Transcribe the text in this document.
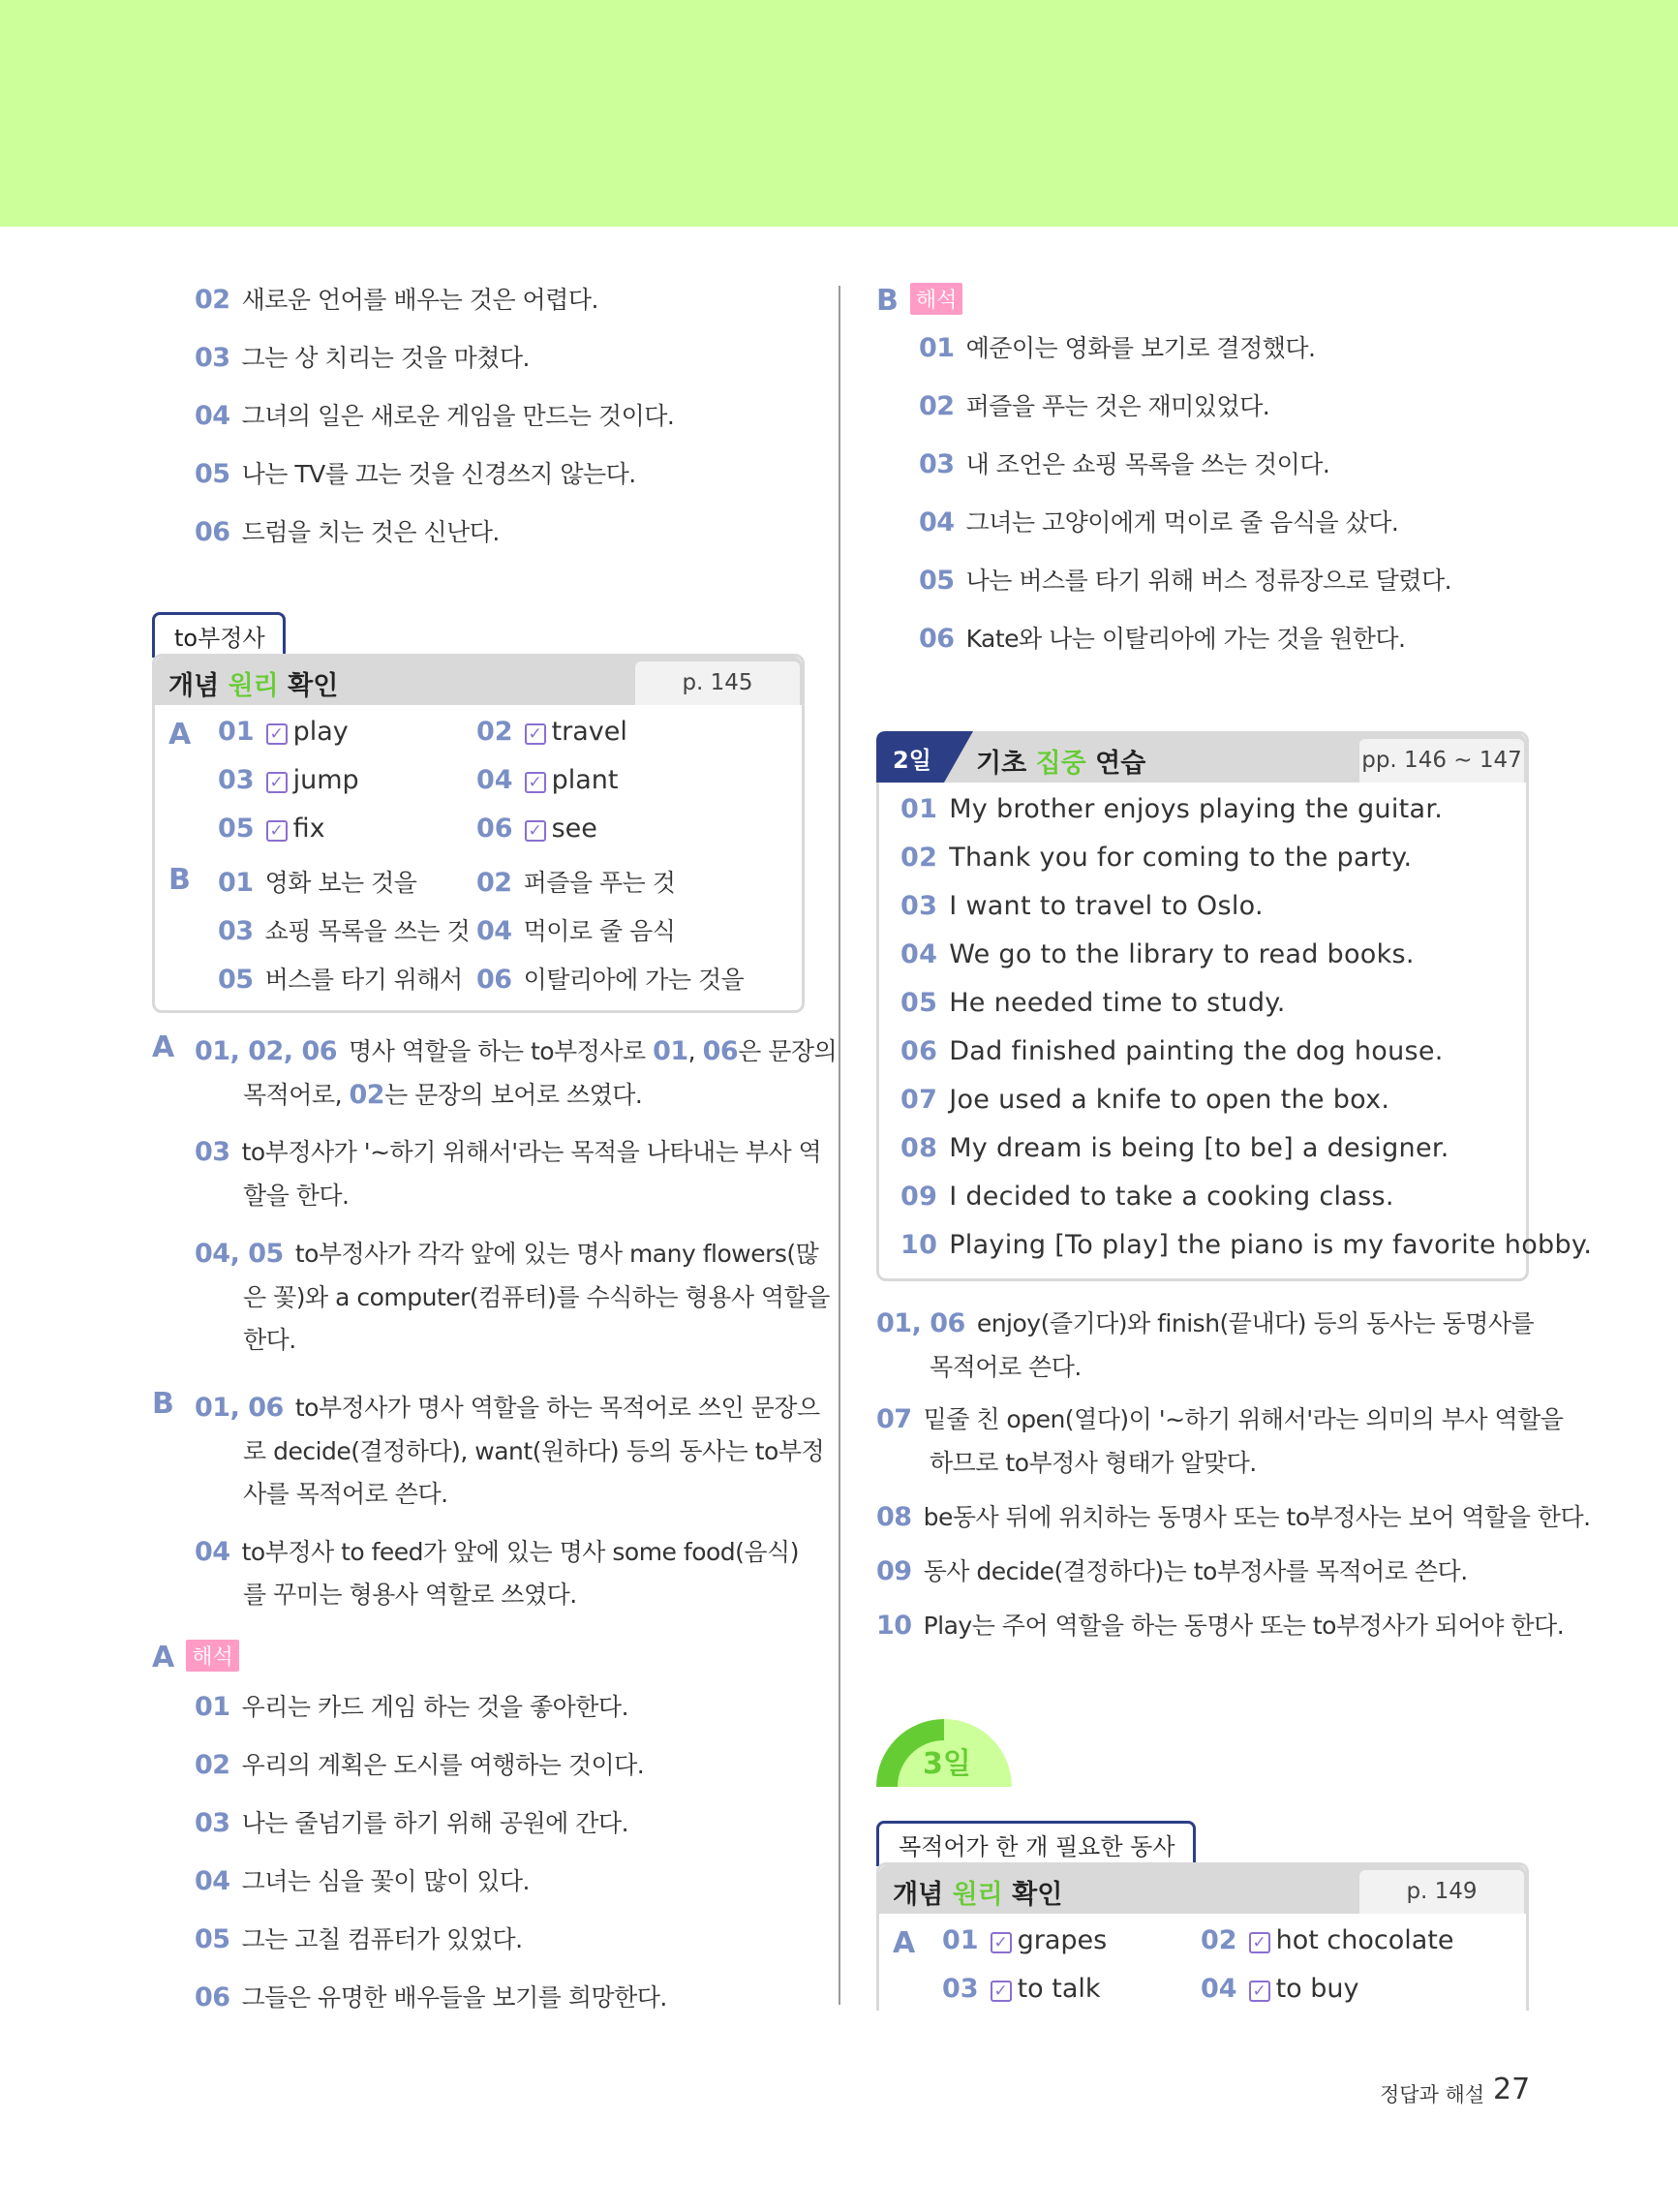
02 새로운 언어를 배우는 것은 어렵다.
03 그는 상 치리는 것을 마쳤다.
04 그녀의 일은 새로운 게임을 만드는 것이다.
05 나는 TV를 끄는 것을 신경쓰지 않는다.
06 드럼을 치는 것은 신난다.
to부정사
개념 원리 확인	p. 145
A 01 ✓ play	02 ✓ travel
03 ✓ jump	04 ✓ plant
05 ✓ fix	06 ✓ see
B 01 영화 보는 것을 02 퍼즐을 푸는 것
03 쇼핑 목록을 쓰는 것 04 먹이로 줄 음식
05 버스를 타기 위해서 06 이탈리아에 가는 것을
A 01, 02, 06 명사 역할을 하는 to부정사로 01, 06은 문장의
목적어로, 02는 문장의 보어로 쓰였다.
03 to부정사가 '~하기 위해서'라는 목적을 나타내는 부사 역
할을 한다.
04, 05 to부정사가 각각 앞에 있는 명사 many flowers(많
은 꽃)와 a computer(컴퓨터)를 수식하는 형용사 역할을
한다.
B 01, 06 to부정사가 명사 역할을 하는 목적어로 쓰인 문장으
로 decide(결정하다), want(원하다) 등의 동사는 to부정
사를 목적어로 쓴다.
04 to부정사 to feed가 앞에 있는 명사 some food(음식)
를 꾸미는 형용사 역할로 쓰였다.
A 해석
01 우리는 카드 게임 하는 것을 좋아한다.
02 우리의 계획은 도시를 여행하는 것이다.
03 나는 줄넘기를 하기 위해 공원에 간다.
04 그녀는 심을 꽃이 많이 있다.
05 그는 고칠 컴퓨터가 있었다.
06 그들은 유명한 배우들을 보기를 희망한다.
B 해석
01 예준이는 영화를 보기로 결정했다.
02 퍼즐을 푸는 것은 재미있었다.
03 내 조언은 쇼핑 목록을 쓰는 것이다.
04 그녀는 고양이에게 먹이로 줄 음식을 샀다.
05 나는 버스를 타기 위해 버스 정류장으로 달렸다.
06 Kate와 나는 이탈리아에 가는 것을 원한다.
2일 기초 집중 연습	pp. 146 ~ 147
01 My brother enjoys playing the guitar.
02 Thank you for coming to the party.
03 I want to travel to Oslo.
04 We go to the library to read books.
05 He needed time to study.
06 Dad finished painting the dog house.
07 Joe used a knife to open the box.
08 My dream is being [to be] a designer.
09 I decided to take a cooking class.
10 Playing [To play] the piano is my favorite hobby.
01, 06 enjoy(즐기다)와 finish(끝내다) 등의 동사는 동명사를
목적어로 쓴다.
07 밑줄 친 open(열다)이 '~하기 위해서'라는 의미의 부사 역할을
하므로 to부정사 형태가 알맞다.
08 be동사 뒤에 위치하는 동명사 또는 to부정사는 보어 역할을 한다.
09 동사 decide(결정하다)는 to부정사를 목적어로 쓴다.
10 Play는 주어 역할을 하는 동명사 또는 to부정사가 되어야 한다.
3일
목적어가 한 개 필요한 동사
개념 원리 확인	p. 149
A 01 ✓ grapes	02 ✓ hot chocolate
03 ✓ to talk	04 ✓ to buy
정답과 해설 27
